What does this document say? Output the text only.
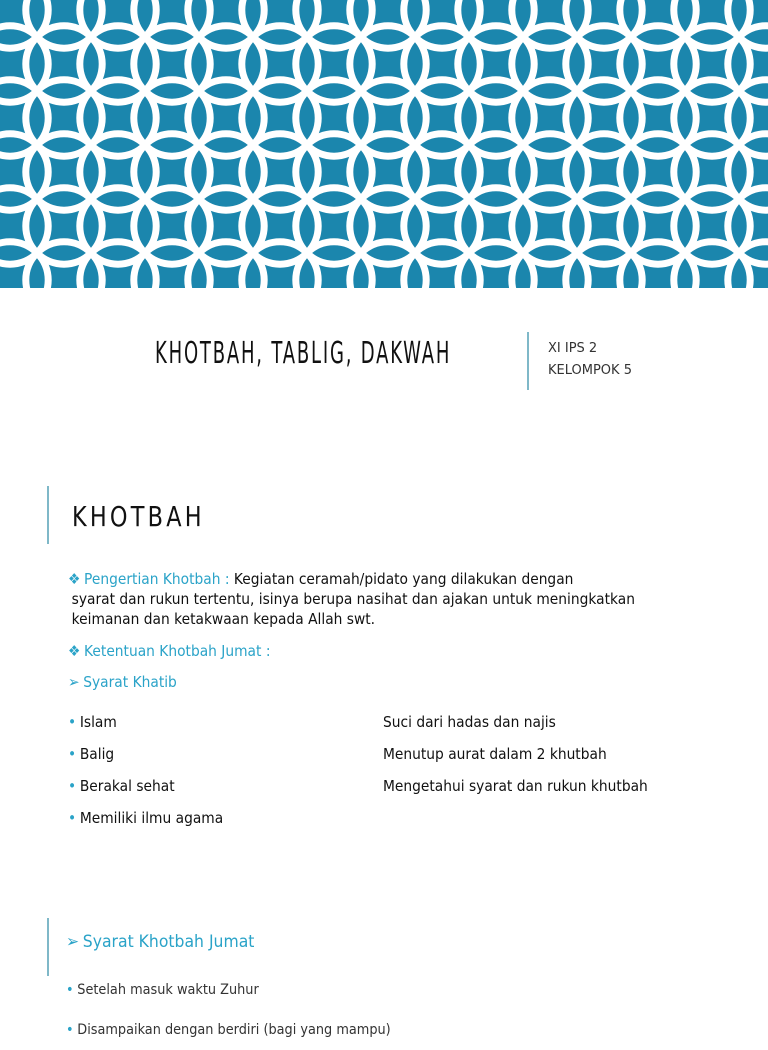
KHOTBAH, TABLIG, DAKWAH	XI IPS 2
KELOMPOK 5
KHOTBAH
❖ Pengertian Khotbah : Kegiatan ceramah/pidato yang dilakukan dengan
syarat dan rukun tertentu, isinya berupa nasihat dan ajakan untuk meningkatkan
keimanan dan ketakwaan kepada Allah swt.
❖ Ketentuan Khotbah Jumat :
➢ Syarat Khatib
• Islam
• Balig
• Berakal sehat
• Memiliki ilmu agama
Suci dari hadas dan najis
Menutup aurat dalam 2 khutbah
Mengetahui syarat dan rukun khutbah
➢ Syarat Khotbah Jumat
• Setelah masuk waktu Zuhur
• Disampaikan dengan berdiri (bagi yang mampu)
